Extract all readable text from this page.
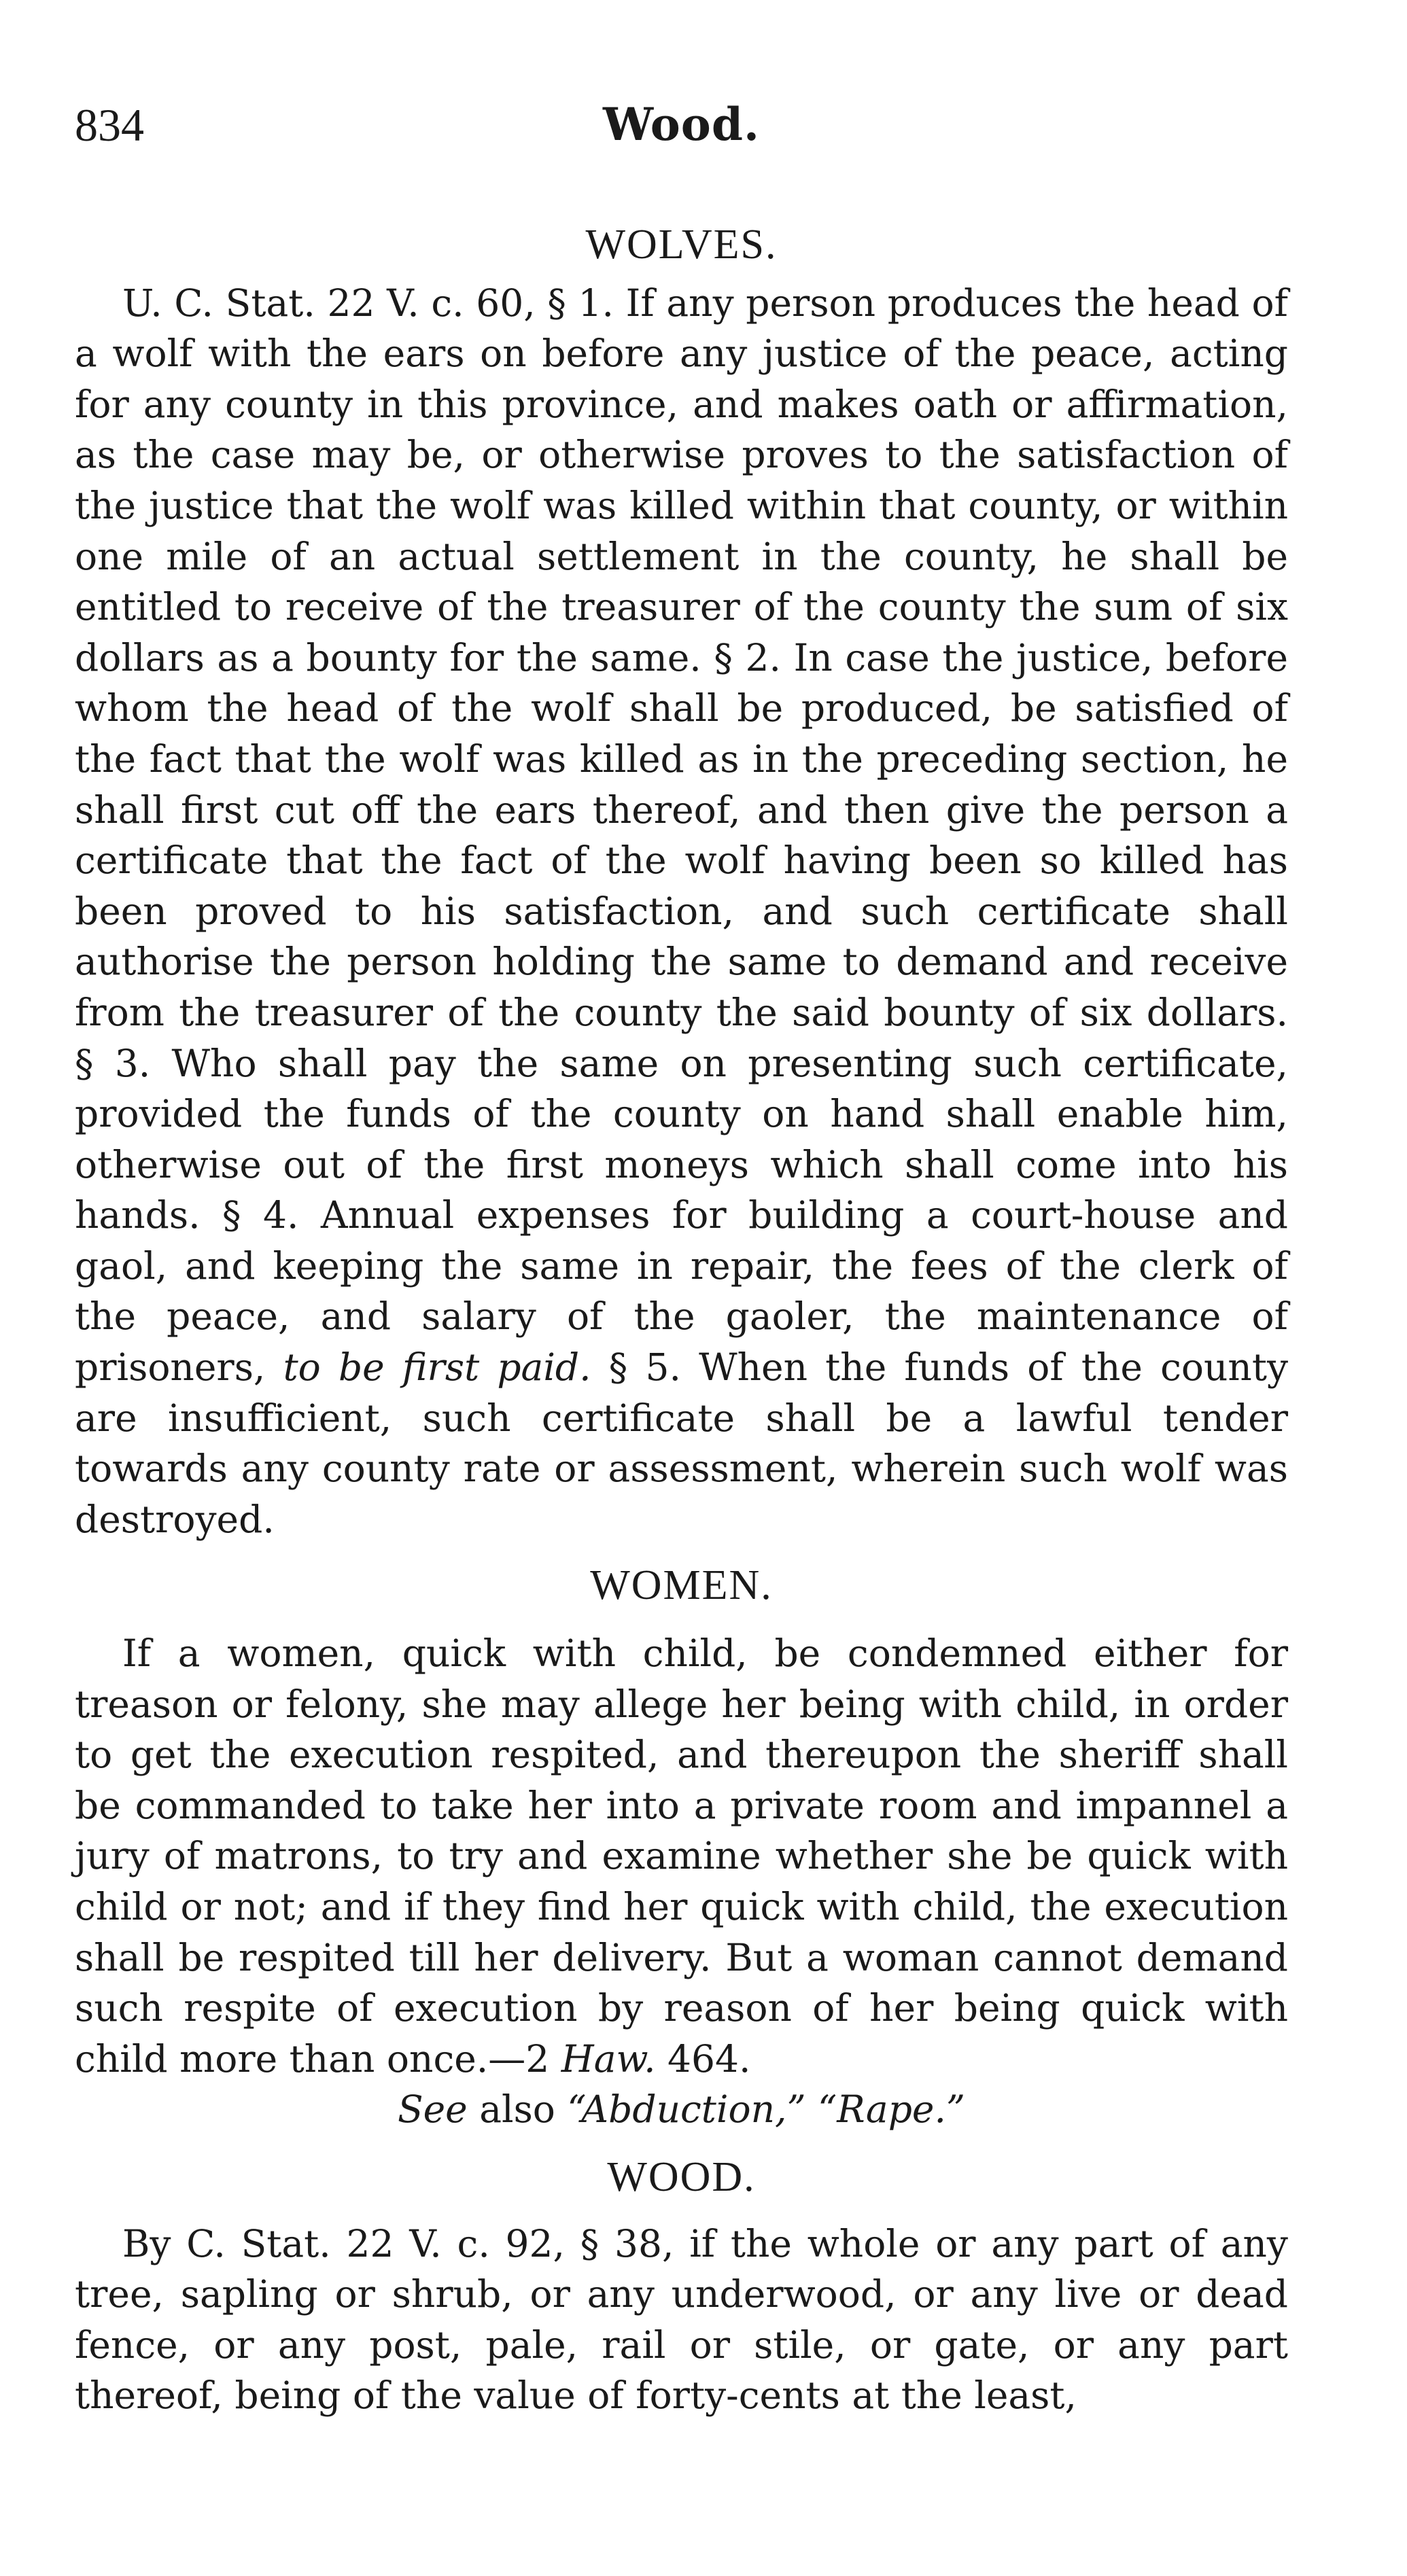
834	Wood.
WOLVES.

U. C. Stat. 22 V. c. 60, § 1. If any person produces the head of a wolf with the ears on before any justice of the peace, acting for any county in this province, and makes oath or affirmation, as the case may be, or otherwise proves to the satisfaction of the justice that the wolf was killed within that county, or within one mile of an actual settlement in the county, he shall be entitled to receive of the treasurer of the county the sum of six dollars as a bounty for the same. § 2. In case the justice, before whom the head of the wolf shall be produced, be satisfied of the fact that the wolf was killed as in the preceding section, he shall first cut off the ears thereof, and then give the person a certificate that the fact of the wolf having been so killed has been proved to his satisfaction, and such certificate shall authorise the person holding the same to demand and receive from the treasurer of the county the said bounty of six dollars. § 3. Who shall pay the same on presenting such certificate, provided the funds of the county on hand shall enable him, otherwise out of the first moneys which shall come into his hands. § 4. Annual expenses for building a court-house and gaol, and keeping the same in repair, the fees of the clerk of the peace, and salary of the gaoler, the maintenance of prisoners, to be first paid. § 5. When the funds of the county are insufficient, such certificate shall be a lawful tender towards any county rate or assessment, wherein such wolf was destroyed.

WOMEN.

If a women, quick with child, be condemned either for treason or felony, she may allege her being with child, in order to get the execution respited, and thereupon the sheriff shall be commanded to take her into a private room and impannel a jury of matrons, to try and examine whether she be quick with child or not; and if they find her quick with child, the execution shall be respited till her delivery. But a woman cannot demand such respite of execution by reason of her being quick with child more than once.—2 Haw. 464.

See also “Abduction,” “Rape.”

WOOD.

By C. Stat. 22 V. c. 92, § 38, if the whole or any part of any tree, sapling or shrub, or any underwood, or any live or dead fence, or any post, pale, rail or stile, or gate, or any part thereof, being of the value of forty-cents at the least,
